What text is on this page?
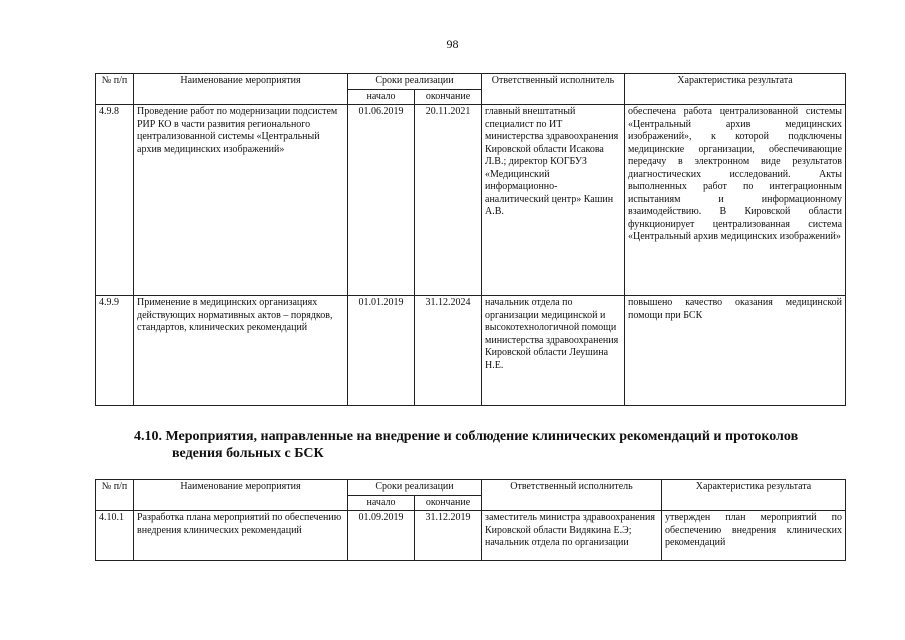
98
№ п/п	Наименование мероприятия	Сроки реализации		Ответственный исполнитель	Характеристика результата
		начало	окончание		
4.9.8	Проведение работ по модернизации подсистем РИР КО в части развития регионального централизованной системы «Центральный архив медицинских изображений»	01.06.2019	20.11.2021	главный внештатный специалист по ИТ министерства здравоохранения Кировской области Исакова Л.В.; директор КОГБУЗ «Медицинский информационно-аналитический центр» Кашин А.В.	обеспечена работа централизованной системы «Центральный архив медицинских изображений», к которой подключены медицинские организации, обеспечивающие передачу в электронном виде результатов диагностических исследований. Акты выполненных работ по интеграционным испытаниям и информационному взаимодействию. В Кировской области функционирует централизованная система «Центральный архив медицинских изображений»
4.9.9	Применение в медицинских организациях действующих нормативных актов – порядков, стандартов, клинических рекомендаций	01.01.2019	31.12.2024	начальник отдела по организации медицинской и высокотехнологичной помощи министерства здравоохранения Кировской области Леушина Н.Е.	повышено качество оказания медицинской помощи при БСК
4.10. Мероприятия, направленные на внедрение и соблюдение клинических рекомендаций и протоколов
ведения больных с БСК
№ п/п	Наименование мероприятия	Сроки реализации		Ответственный исполнитель	Характеристика результата
		начало	окончание		
4.10.1	Разработка плана мероприятий по обеспечению внедрения клинических рекомендаций	01.09.2019	31.12.2019	заместитель министра здравоохранения Кировской области Видякина Е.Э; начальник отдела по организации	утвержден план мероприятий по обеспечению внедрения клинических рекомендаций
